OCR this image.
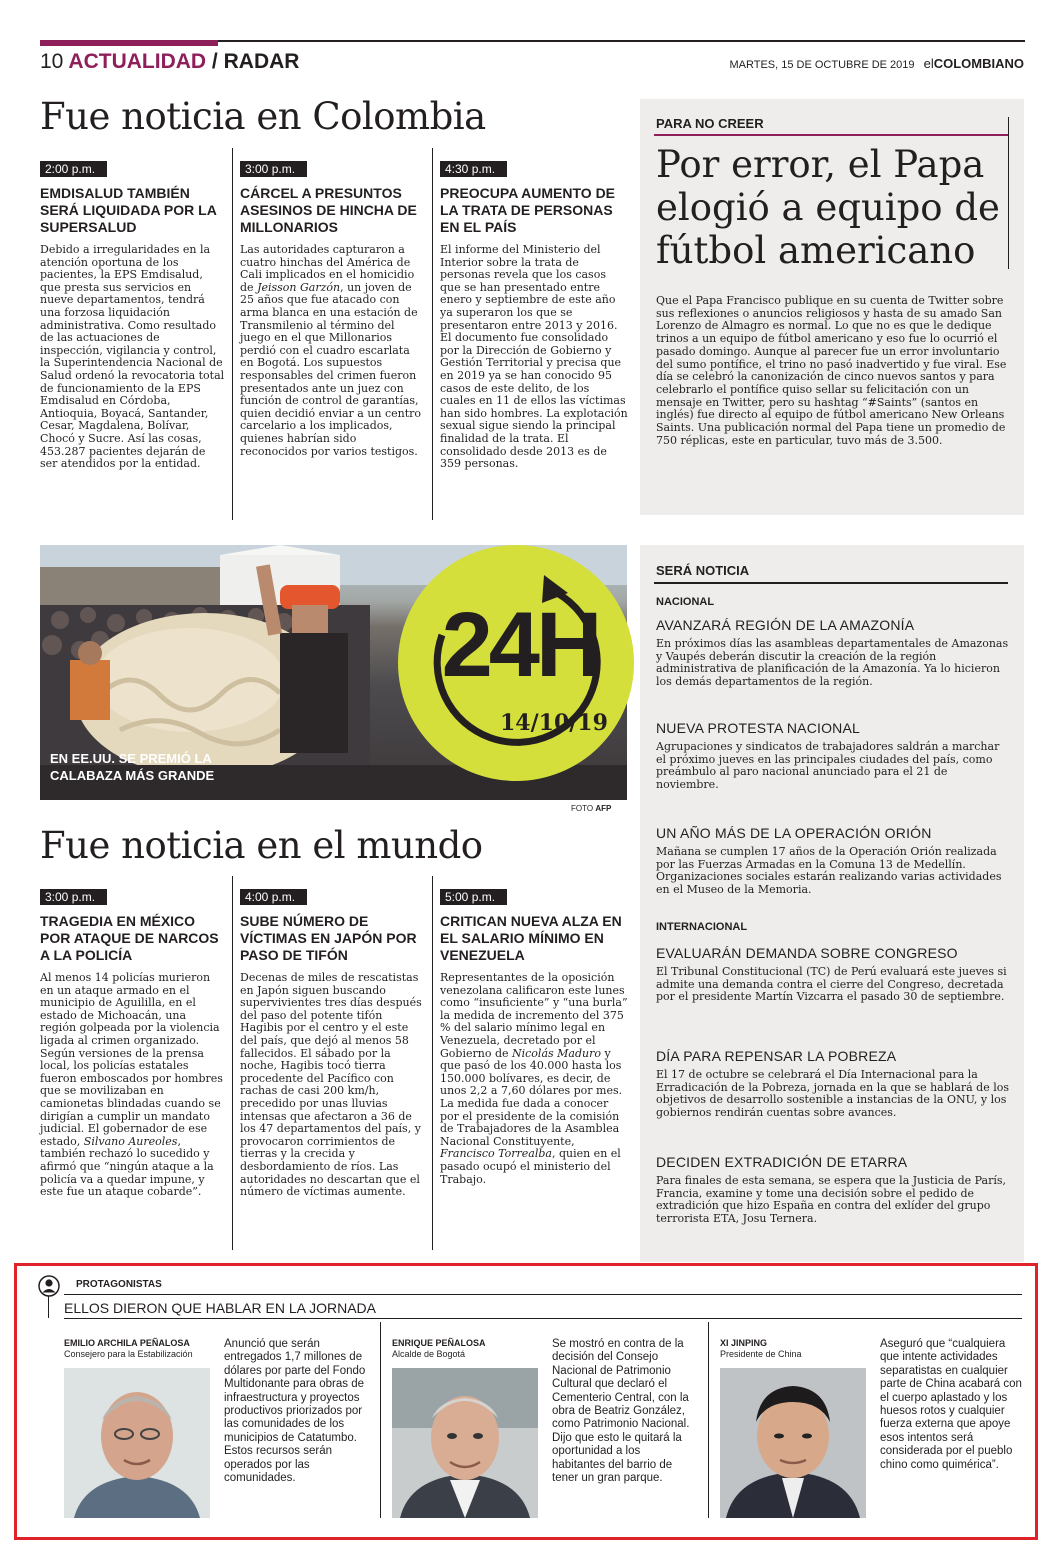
10 ACTUALIDAD / RADAR	MARTES, 15 DE OCTUBRE DE 2019 elCOLOMBIANO
Fue noticia en Colombia
2:00 p.m.
EMDISALUD TAMBIÉN SERÁ LIQUIDADA POR LA SUPERSALUD
Debido a irregularidades en la atención oportuna de los pacientes, la EPS Emdisalud, que presta sus servicios en nueve departamentos, tendrá una forzosa liquidación administrativa. Como resultado de las actuaciones de inspección, vigilancia y control, la Superintendencia Nacional de Salud ordenó la revocatoria total de funcionamiento de la EPS Emdisalud en Córdoba, Antioquia, Boyacá, Santander, Cesar, Magdalena, Bolívar, Chocó y Sucre. Así las cosas, 453.287 pacientes dejarán de ser atendidos por la entidad.
3:00 p.m.
CÁRCEL A PRESUNTOS ASESINOS DE HINCHA DE MILLONARIOS
Las autoridades capturaron a cuatro hinchas del América de Cali implicados en el homicidio de Jeisson Garzón, un joven de 25 años que fue atacado con arma blanca en una estación de Transmilenio al término del juego en el que Millonarios perdió con el cuadro escarlata en Bogotá. Los supuestos responsables del crimen fueron presentados ante un juez con función de control de garantías, quien decidió enviar a un centro carcelario a los implicados, quienes habrían sido reconocidos por varios testigos.
4:30 p.m.
PREOCUPA AUMENTO DE LA TRATA DE PERSONAS EN EL PAÍS
El informe del Ministerio del Interior sobre la trata de personas revela que los casos que se han presentado entre enero y septiembre de este año ya superaron los que se presentaron entre 2013 y 2016. El documento fue consolidado por la Dirección de Gobierno y Gestión Territorial y precisa que en 2019 ya se han conocido 95 casos de este delito, de los cuales en 11 de ellos las víctimas han sido hombres. La explotación sexual sigue siendo la principal finalidad de la trata. El consolidado desde 2013 es de 359 personas.
PARA NO CREER
Por error, el Papa elogió a equipo de fútbol americano
Que el Papa Francisco publique en su cuenta de Twitter sobre sus reflexiones o anuncios religiosos y hasta de su amado San Lorenzo de Almagro es normal. Lo que no es que le dedique trinos a un equipo de fútbol americano y eso fue lo ocurrió el pasado domingo. Aunque al parecer fue un error involuntario del sumo pontífice, el trino no pasó inadvertido y fue viral. Ese día se celebró la canonización de cinco nuevos santos y para celebrarlo el pontífice quiso sellar su felicitación con un mensaje en Twitter, pero su hashtag “#Saints” (santos en inglés) fue directo al equipo de fútbol americano New Orleans Saints. Una publicación normal del Papa tiene un promedio de 750 réplicas, este en particular, tuvo más de 3.500.
24H
14/10/19
EN EE.UU. SE PREMIÓ LA CALABAZA MÁS GRANDE
FOTO AFP
Fue noticia en el mundo
3:00 p.m.
TRAGEDIA EN MÉXICO POR ATAQUE DE NARCOS A LA POLICÍA
Al menos 14 policías murieron en un ataque armado en el municipio de Aguililla, en el estado de Michoacán, una región golpeada por la violencia ligada al crimen organizado. Según versiones de la prensa local, los policías estatales fueron emboscados por hombres que se movilizaban en camionetas blindadas cuando se dirigían a cumplir un mandato judicial. El gobernador de ese estado, Silvano Aureoles, también rechazó lo sucedido y afirmó que “ningún ataque a la policía va a quedar impune, y este fue un ataque cobarde”.
4:00 p.m.
SUBE NÚMERO DE VÍCTIMAS EN JAPÓN POR PASO DE TIFÓN
Decenas de miles de rescatistas en Japón siguen buscando supervivientes tres días después del paso del potente tifón Hagibis por el centro y el este del país, que dejó al menos 58 fallecidos. El sábado por la noche, Hagibis tocó tierra procedente del Pacífico con rachas de casi 200 km/h, precedido por unas lluvias intensas que afectaron a 36 de los 47 departamentos del país, y provocaron corrimientos de tierras y la crecida y desbordamiento de ríos. Las autoridades no descartan que el número de víctimas aumente.
5:00 p.m.
CRITICAN NUEVA ALZA EN EL SALARIO MÍNIMO EN VENEZUELA
Representantes de la oposición venezolana calificaron este lunes como “insuficiente” y “una burla” la medida de incremento del 375 % del salario mínimo legal en Venezuela, decretado por el Gobierno de Nicolás Maduro y que pasó de los 40.000 hasta los 150.000 bolívares, es decir, de unos 2,2 a 7,60 dólares por mes. La medida fue dada a conocer por el presidente de la comisión de Trabajadores de la Asamblea Nacional Constituyente, Francisco Torrealba, quien en el pasado ocupó el ministerio del Trabajo.
SERÁ NOTICIA
NACIONAL
AVANZARÁ REGIÓN DE LA AMAZONÍA
En próximos días las asambleas departamentales de Amazonas y Vaupés deberán discutir la creación de la región administrativa de planificación de la Amazonía. Ya lo hicieron los demás departamentos de la región.
NUEVA PROTESTA NACIONAL
Agrupaciones y sindicatos de trabajadores saldrán a marchar el próximo jueves en las principales ciudades del país, como preámbulo al paro nacional anunciado para el 21 de noviembre.
UN AÑO MÁS DE LA OPERACIÓN ORIÓN
Mañana se cumplen 17 años de la Operación Orión realizada por las Fuerzas Armadas en la Comuna 13 de Medellín. Organizaciones sociales estarán realizando varias actividades en el Museo de la Memoria.
INTERNACIONAL
EVALUARÁN DEMANDA SOBRE CONGRESO
El Tribunal Constitucional (TC) de Perú evaluará este jueves si admite una demanda contra el cierre del Congreso, decretada por el presidente Martín Vizcarra el pasado 30 de septiembre.
DÍA PARA REPENSAR LA POBREZA
El 17 de octubre se celebrará el Día Internacional para la Erradicación de la Pobreza, jornada en la que se hablará de los objetivos de desarrollo sostenible a instancias de la ONU, y los gobiernos rendirán cuentas sobre avances.
DECIDEN EXTRADICIÓN DE ETARRA
Para finales de esta semana, se espera que la Justicia de París, Francia, examine y tome una decisión sobre el pedido de extradición que hizo España en contra del exlíder del grupo terrorista ETA, Josu Ternera.
PROTAGONISTAS
ELLOS DIERON QUE HABLAR EN LA JORNADA
EMILIO ARCHILA PEÑALOSA
Consejero para la Estabilización
Anunció que serán entregados 1,7 millones de dólares por parte del Fondo Multidonante para obras de infraestructura y proyectos productivos priorizados por las comunidades de los municipios de Catatumbo. Estos recursos serán operados por las comunidades.
ENRIQUE PEÑALOSA
Alcalde de Bogotá
Se mostró en contra de la decisión del Consejo Nacional de Patrimonio Cultural que declaró el Cementerio Central, con la obra de Beatriz González, como Patrimonio Nacional. Dijo que esto le quitará la oportunidad a los habitantes del barrio de tener un gran parque.
XI JINPING
Presidente de China
Aseguró que “cualquiera que intente actividades separatistas en cualquier parte de China acabará con el cuerpo aplastado y los huesos rotos y cualquier fuerza externa que apoye esos intentos será considerada por el pueblo chino como quimérica”.
